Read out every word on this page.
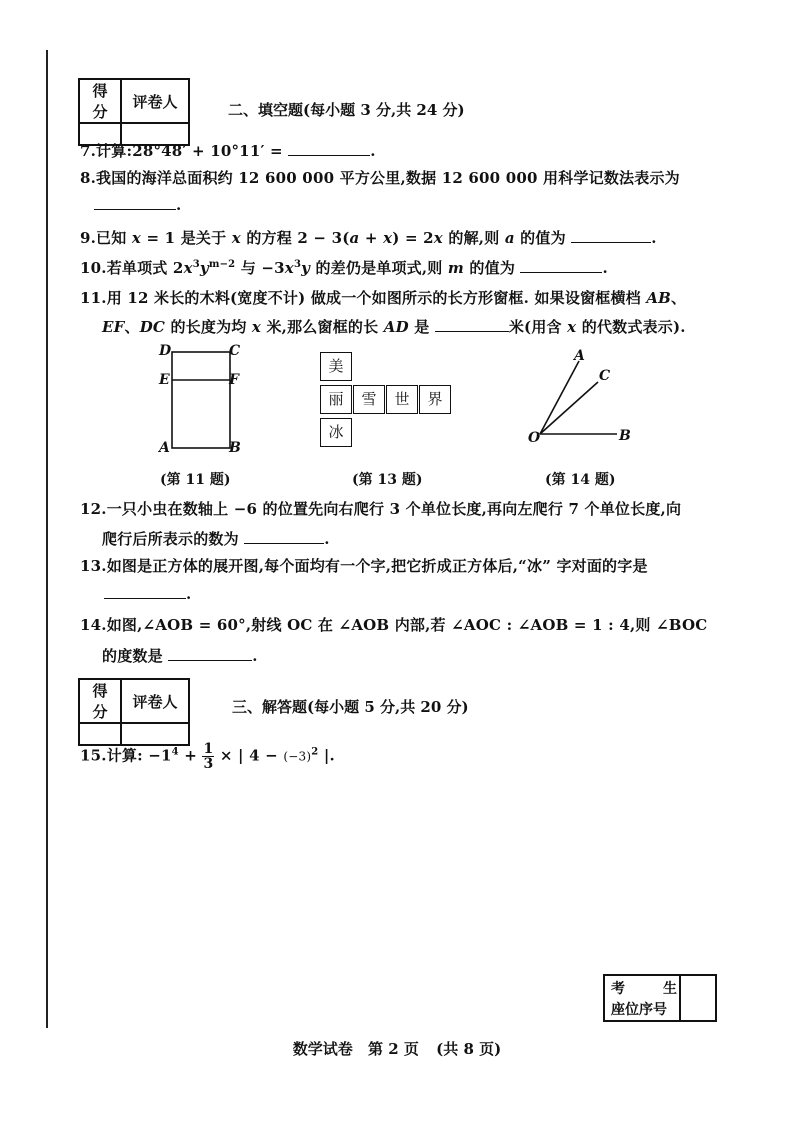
得分	评卷人
		二、填空题(每小题 3 分,共 24 分)
7.计算:28°48′ + 10°11′ =	.
8.我国的海洋总面积约 12 600 000 平方公里,数据 12 600 000 用科学记数法表示为
.
9.已知 x = 1 是关于 x 的方程 2 − 3(a + x) = 2x 的解,则 a 的值为	.
10.若单项式 $2x^3y^{m-2}$ 与 $-3x^3y$ 的差仍是单项式,则 m 的值为	.
11.用 12 米长的木料(宽度不计) 做成一个如图所示的长方形窗框. 如果设窗框横档 AB、
EF、DC 的长度为均 x 米,那么窗框的长 AD 是	米(用含 x 的代数式表示).
D	C
E	F
A	B
(第 11 题)
美
丽	雪	世	界
冰
(第 13 题)
A
C
O	B
(第 14 题)
12.一只小虫在数轴上 −6 的位置先向右爬行 3 个单位长度,再向左爬行 7 个单位长度,向
爬行后所表示的数为	.
13.如图是正方体的展开图,每个面均有一个字,把它折成正方体后,“冰” 字对面的字是
.
14.如图,∠AOB = 60°,射线 OC 在 ∠AOB 内部,若 ∠AOC : ∠AOB = 1 : 4,则 ∠BOC
的度数是	.
得分	评卷人
		三、解答题(每小题 5 分,共 20 分)
15.计算: $-1^4 + \frac{1}{3}$ × | $4 - (-3)^2$ |.
考	生
座位序号
数学试卷 第 2 页 (共 8 页)
